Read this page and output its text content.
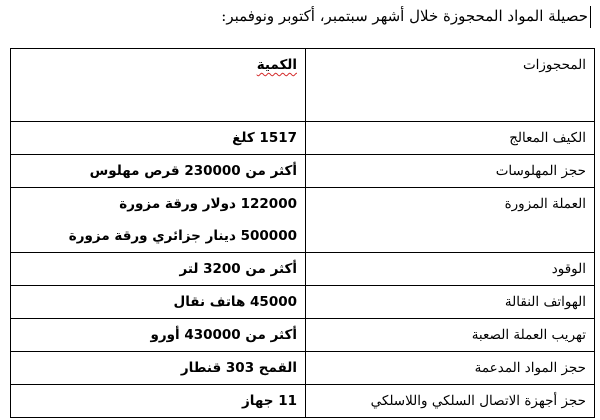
حصيلة المواد المحجوزة خلال أشهر سبتمبر، أكتوبر ونوفمبر:
المحجوزات	الكمية
الكيف المعالج	1517 كلغ
حجز المهلوسات	أكثر من 230000 قرص مهلوس
العملة المزورة	122000 دولار ورقة مزورة
500000 دينار جزائري ورقة مزورة

الوقود	أكثر من 3200 لتر
الهواتف النقالة	45000 هاتف نقال
تهريب العملة الصعبة	أكثر من 430000 أورو
حجز المواد المدعمة	القمح 303 قنطار
حجز أجهزة الاتصال السلكي واللاسلكي	11 جهاز
